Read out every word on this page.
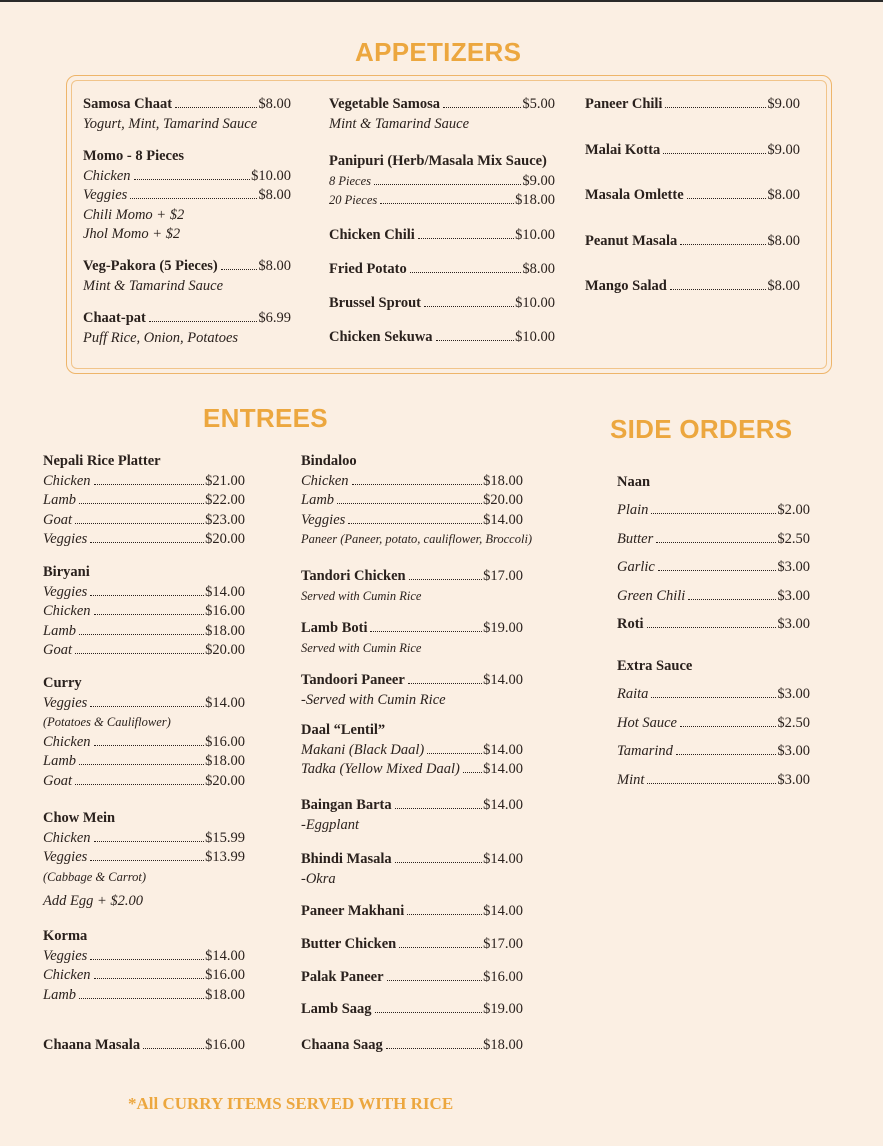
APPETIZERS
ENTREES	SIDE ORDERS
Samosa Chaat	$8.00
Yogurt, Mint, Tamarind Sauce
Momo - 8 Pieces
Chicken	$10.00
Veggies	$8.00
Chili Momo + $2
Jhol Momo + $2
Veg-Pakora (5 Pieces)	$8.00
Mint & Tamarind Sauce
Chaat-pat	$6.99
Puff Rice, Onion, Potatoes
Vegetable Samosa	$5.00
Mint & Tamarind Sauce
Panipuri (Herb/Masala Mix Sauce)
8 Pieces	$9.00
20 Pieces	$18.00
Chicken Chili	$10.00
Fried Potato	$8.00
Brussel Sprout	$10.00
Chicken Sekuwa	$10.00
Paneer Chili	$9.00
Malai Kotta	$9.00
Masala Omlette	$8.00
Peanut Masala	$8.00
Mango Salad	$8.00
Nepali Rice Platter
Chicken	$21.00
Lamb	$22.00
Goat	$23.00
Veggies	$20.00
Biryani
Veggies	$14.00
Chicken	$16.00
Lamb	$18.00
Goat	$20.00
Curry
Veggies	$14.00
(Potatoes & Cauliflower)
Chicken	$16.00
Lamb	$18.00
Goat	$20.00
Chow Mein
Chicken	$15.99
Veggies	$13.99
(Cabbage & Carrot)
Add Egg + $2.00
Korma
Veggies	$14.00
Chicken	$16.00
Lamb	$18.00
Chaana Masala	$16.00
Bindaloo
Chicken	$18.00
Lamb	$20.00
Veggies	$14.00
Paneer (Paneer, potato, cauliflower, Broccoli)
Tandori Chicken	$17.00
Served with Cumin Rice
Lamb Boti	$19.00
Served with Cumin Rice
Tandoori Paneer	$14.00
-Served with Cumin Rice
Daal “Lentil”
Makani (Black Daal)	$14.00
Tadka (Yellow Mixed Daal) $14.00
Baingan Barta	$14.00
-Eggplant
Bhindi Masala	$14.00
-Okra
Paneer Makhani	$14.00
Butter Chicken	$17.00
Palak Paneer	$16.00
Lamb Saag	$19.00
Chaana Saag	$18.00
Naan
Plain	$2.00
Butter	$2.50
Garlic	$3.00
Green Chili	$3.00
Roti	$3.00
Extra Sauce
Raita	$3.00
Hot Sauce	$2.50
Tamarind	$3.00
Mint	$3.00
*All CURRY ITEMS SERVED WITH RICE
